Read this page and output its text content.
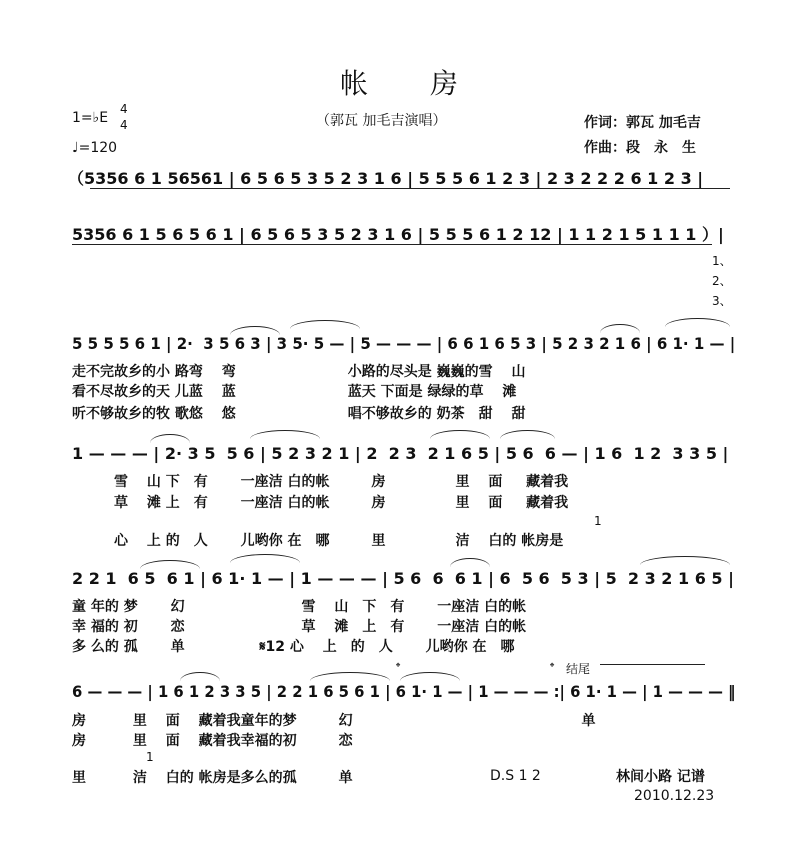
帐 房
1=♭E
4
4
♩=120
（郭瓦 加毛吉演唱）	作词：郭瓦 加毛吉
作曲：段　永　生
（5356 6 1 56561 | 6 5 6 5 3 5 2 3 1 6 | 5 5 5 6 1 2 3 | 2 3 2 2 2 6 1 2 3 |
5356 6 1 5 6 5 6 1 | 6 5 6 5 3 5 2 3 1 6 | 5 5 5 6 1 2 12 | 1 1 2 1 5 1 1 1 ）|
1、
2、
3、
5 5 5 5 6 1 | 2·  3 5 6 3 | 3 5· 5 — | 5 — — — | 6 6 1 6 5 3 | 5 2 3 2 1 6 | 6 1· 1 — |
走不完故乡的小 路弯　 弯　　　　　　　　小路的尽头是 巍巍的雪　 山
看不尽故乡的天 儿蓝　 蓝　　　　　　　　蓝天 下面是 绿绿的草　 滩
听不够故乡的牧 歌悠　 悠　　　　　　　　唱不够故乡的 奶茶　甜　 甜
1 — — — | 2· 3 5  5 6 | 5 2 3 2 1 | 2  2 3  2 1 6 5 | 5 6  6 — | 1 6  1 2  3 3 5 |
　　　雪　 山 下　有　　 一座洁 白的帐　　　房　　　　　里 　面 　 藏着我
　　　草　 滩 上　有　　 一座洁 白的帐　　　房　　　　　里 　面 　 藏着我
1
　　　心　 上 的　人　　 儿哟你 在　哪　　　里　　　　　洁 　白的 帐房是
2 2 1  6 5  6 1 | 6 1· 1 — | 1 — — — | 5 6  6  6 1 | 6  5 6  5 3 | 5  2 3 2 1 6 5 |
童 年的 梦　　 幻　　　　　　　　 雪　 山　下　有　　 一座洁 白的帐
幸 福的 初　　 恋　　　　　　　　 草　 滩　上　有　　 一座洁 白的帐
多 么的 孤　　 单　　　　　 𝄋12 心　 上　的　人　　 儿哟你 在　哪
𝄌	𝄌 结尾
6 — — — | 1 6 1 2 3 3 5 | 2 2 1 6 5 6 1 | 6 1· 1 — | 1 — — — :| 6 1· 1 — | 1 — — — ‖
房　　　 里 　面　 藏着我童年的梦　　　幻　　　　　　　　　　　　　　　　 单
房　　　 里 　面　 藏着我幸福的初　　　恋
1
里　　　 洁 　白的 帐房是多么的孤　　　单	D.S 1 2	林间小路 记谱
2010.12.23
